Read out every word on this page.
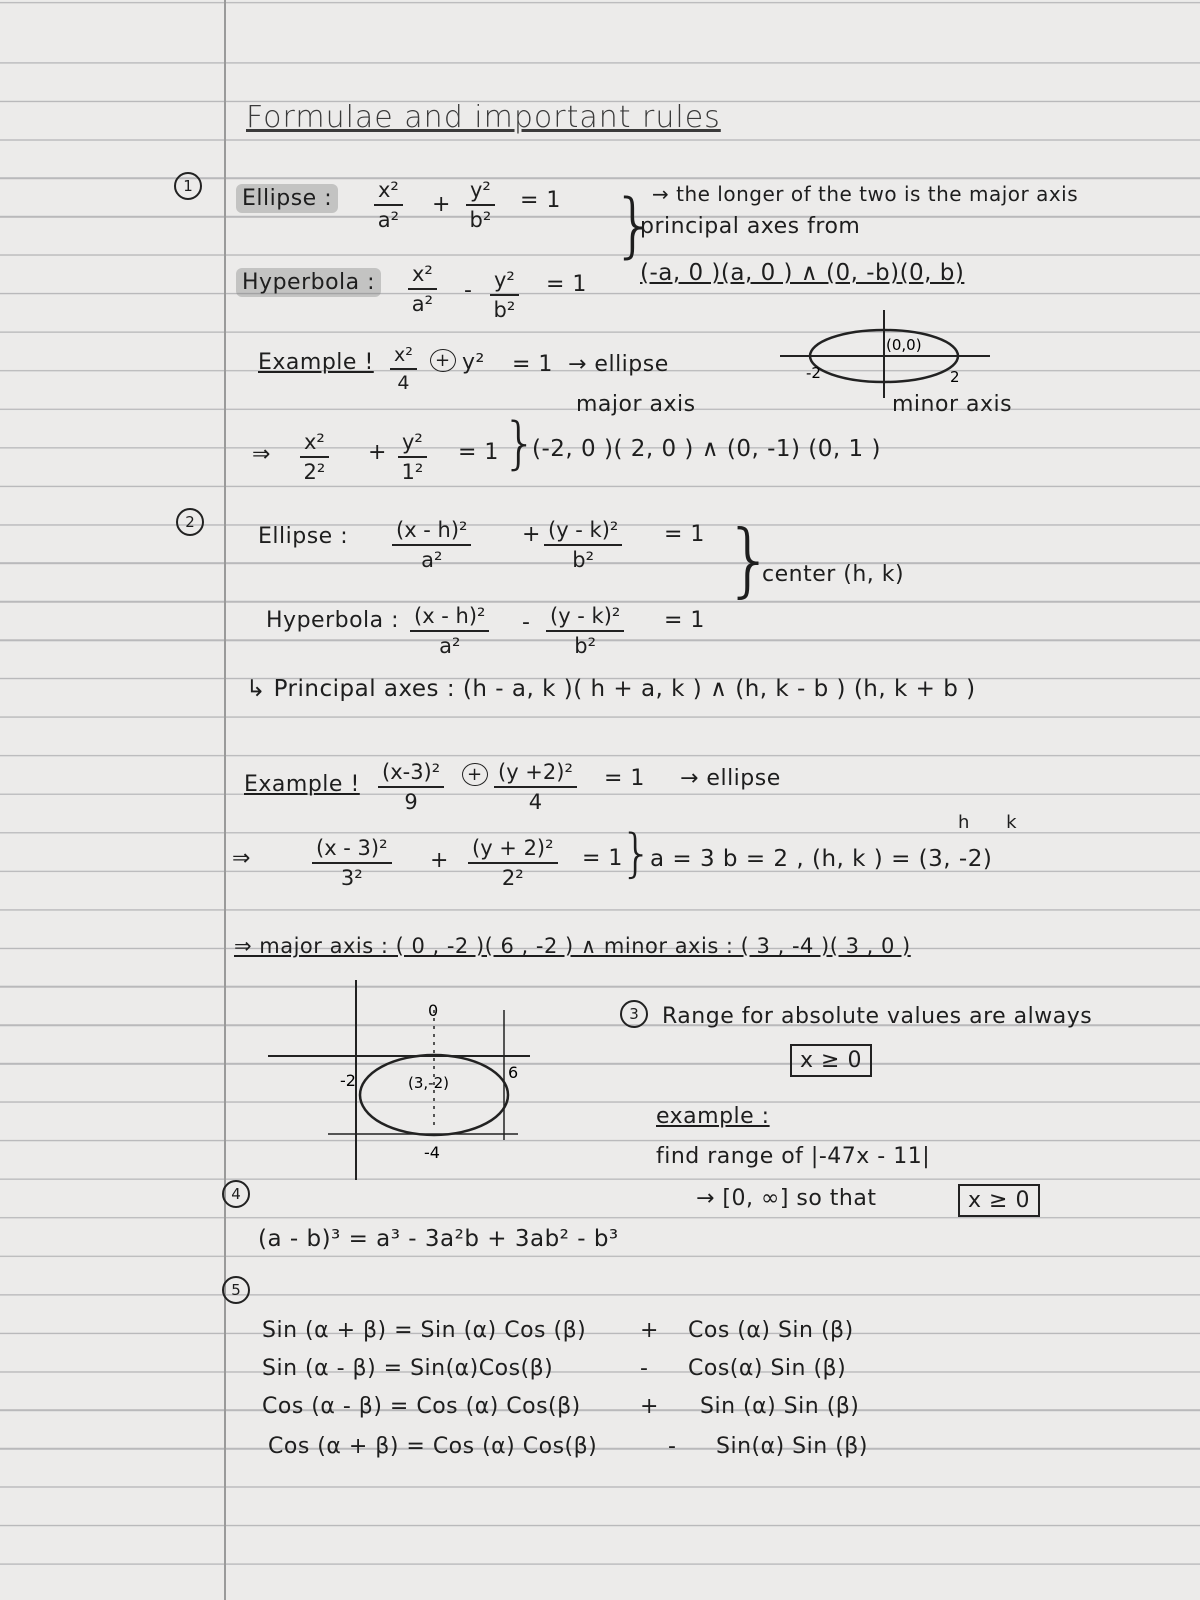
Formulae and important rules
1	Ellipse : $\frac{\text{x²}}{\text{a²}} + \frac{\text{y²}}{\text{b²}} = 1$
Hyperbola : $\frac{\text{x²}}{\text{a²}} - \frac{\text{y²}}{\text{b²}} = 1$
}
→ the longer of the two is the major axis
principal axes from
(-a, 0 )(a, 0 ) ∧ (0, -b)(0, b)
Example ! $\frac{\text{x²}}{4} + y^2 = 1$ → ellipse
major axis	minor axis
(0,0)
-2	2
⇒ $\frac{\text{x²}}{\text{2²}} + \frac{\text{y²}}{\text{1²}} = 1$ }
(-2, 0 )( 2, 0 ) ∧ (0, -1) (0, 1 )
2
Ellipse : $\frac{\text{(x - h)²}}{\text{a²}} + \frac{\text{(y - k)²}}{\text{b²}} = 1$ }
center (h, k)
Hyperbola : $\frac{\text{(x - h)²}}{\text{a²}} - \frac{\text{(y - k)²}}{\text{b²}} = 1$
↳ Principal axes : (h - a, k )( h + a, k ) ∧ (h, k - b ) (h, k + b )
Example ! $\frac{\text{(x-3)²}}{9} + \frac{\text{(y +2)²}}{4} = 1$ → ellipse
h k
⇒	$\frac{\text{(x - 3)²}}{\text{3²}} + \frac{\text{(y + 2)²}}{\text{2²}} = 1$
}
a = 3 b = 2 , (h, k ) = (3, -2)
⇒ major axis : ( 0 , -2 )( 6 , -2 ) ∧ minor axis : ( 3 , -4 )( 3 , 0 )
0
-2	(3,-2)
6
-4
3	Range for absolute values are always
x ≥ 0
example :
find range of |-47x - 11|
→ [0, ∞] so that	x ≥ 0
4
(a - b)³ = a³ - 3a²b + 3ab² - b³
5
Sin (α + β) = Sin (α) Cos (β) + Cos (α) Sin (β)
Sin (α - β) = Sin(α)Cos(β)	- Cos(α) Sin (β)
Cos (α - β) = Cos (α) Cos(β)	+ Sin (α) Sin (β)
Cos (α + β) = Cos (α) Cos(β)	- Sin(α) Sin (β)
